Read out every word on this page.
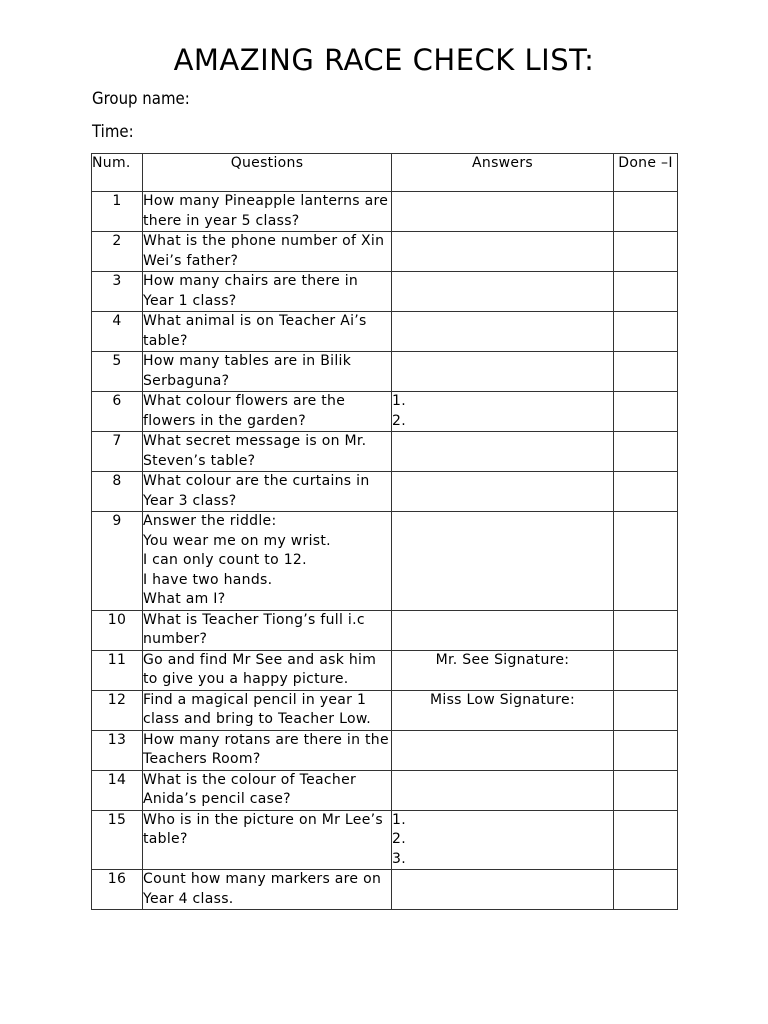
AMAZING RACE CHECK LIST:
Group name:
Time:
Num.	Questions	Answers	Done –I
1	How many Pineapple lanterns are there in year 5 class?		
2	What is the phone number of Xin Wei’s father?		
3	How many chairs are there in Year 1 class?		
4	What animal is on Teacher Ai’s table?		
5	How many tables are in Bilik Serbaguna?		
6	What colour flowers are the flowers in the garden?	1.
2.	

7	What secret message is on Mr. Steven’s table?		
8	What colour are the curtains in Year 3 class?		
9	Answer the riddle:
You wear me on my wrist.
I can only count to 12.
I have two hands.
What am I?		

10	What is Teacher Tiong’s full i.c number?		
11	Go and find Mr See and ask him to give you a happy picture.	Mr. See Signature:	
12	Find a magical pencil in year 1 class and bring to Teacher Low.	Miss Low Signature:	
13	How many rotans are there in the Teachers Room?		
14	What is the colour of Teacher Anida’s pencil case?		
15	Who is in the picture on Mr Lee’s table?	1.
2.
3.	

16	Count how many markers are on Year 4 class.		
